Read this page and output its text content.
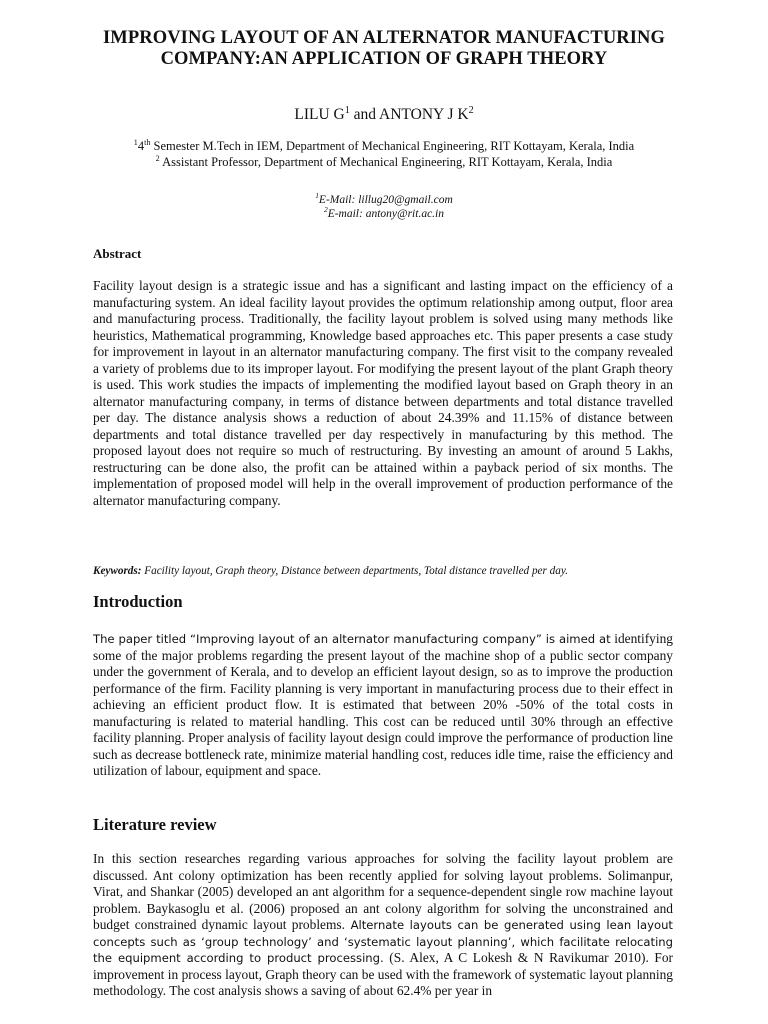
IMPROVING LAYOUT OF AN ALTERNATOR MANUFACTURING COMPANY:AN APPLICATION OF GRAPH THEORY
LILU $G^1$ and ANTONY J $K^2$
$^1$4th Semester M.Tech in IEM, Department of Mechanical Engineering, RIT Kottayam, Kerala, India
$^2$ Assistant Professor, Department of Mechanical Engineering, RIT Kottayam, Kerala, India
$^1$E-Mail: lillug20@gmail.com
$^2$E-mail: antony@rit.ac.in
Abstract
Facility layout design is a strategic issue and has a significant and lasting impact on the efficiency of a manufacturing system. An ideal facility layout provides the optimum relationship among output, floor area and manufacturing process. Traditionally, the facility layout problem is solved using many methods like heuristics, Mathematical programming, Knowledge based approaches etc. This paper presents a case study for improvement in layout in an alternator manufacturing company. The first visit to the company revealed a variety of problems due to its improper layout. For modifying the present layout of the plant Graph theory is used. This work studies the impacts of implementing the modified layout based on Graph theory in an alternator manufacturing company, in terms of distance between departments and total distance travelled per day. The distance analysis shows a reduction of about 24.39% and 11.15% of distance between departments and total distance travelled per day respectively in manufacturing by this method. The proposed layout does not require so much of restructuring. By investing an amount of around 5 Lakhs, restructuring can be done also, the profit can be attained within a payback period of six months. The implementation of proposed model will help in the overall improvement of production performance of the alternator manufacturing company.
Keywords: Facility layout, Graph theory, Distance between departments, Total distance travelled per day.
Introduction
The paper titled “Improving layout of an alternator manufacturing company” is aimed at identifying some of the major problems regarding the present layout of the machine shop of a public sector company under the government of Kerala, and to develop an efficient layout design, so as to improve the production performance of the firm. Facility planning is very important in manufacturing process due to their effect in achieving an efficient product flow. It is estimated that between 20% -50% of the total costs in manufacturing is related to material handling. This cost can be reduced until 30% through an effective facility planning. Proper analysis of facility layout design could improve the performance of production line such as decrease bottleneck rate, minimize material handling cost, reduces idle time, raise the efficiency and utilization of labour, equipment and space.
Literature review
In this section researches regarding various approaches for solving the facility layout problem are discussed. Ant colony optimization has been recently applied for solving layout problems. Solimanpur, Virat, and Shankar (2005) developed an ant algorithm for a sequence-dependent single row machine layout problem. Baykasoglu et al. (2006) proposed an ant colony algorithm for solving the unconstrained and budget constrained dynamic layout problems. Alternate layouts can be generated using lean layout concepts such as ‘group technology’ and ‘systematic layout planning’, which facilitate relocating the equipment according to product processing. (S. Alex, A C Lokesh & N Ravikumar 2010). For improvement in process layout, Graph theory can be used with the framework of systematic layout planning methodology. The cost analysis shows a saving of about 62.4% per year in
